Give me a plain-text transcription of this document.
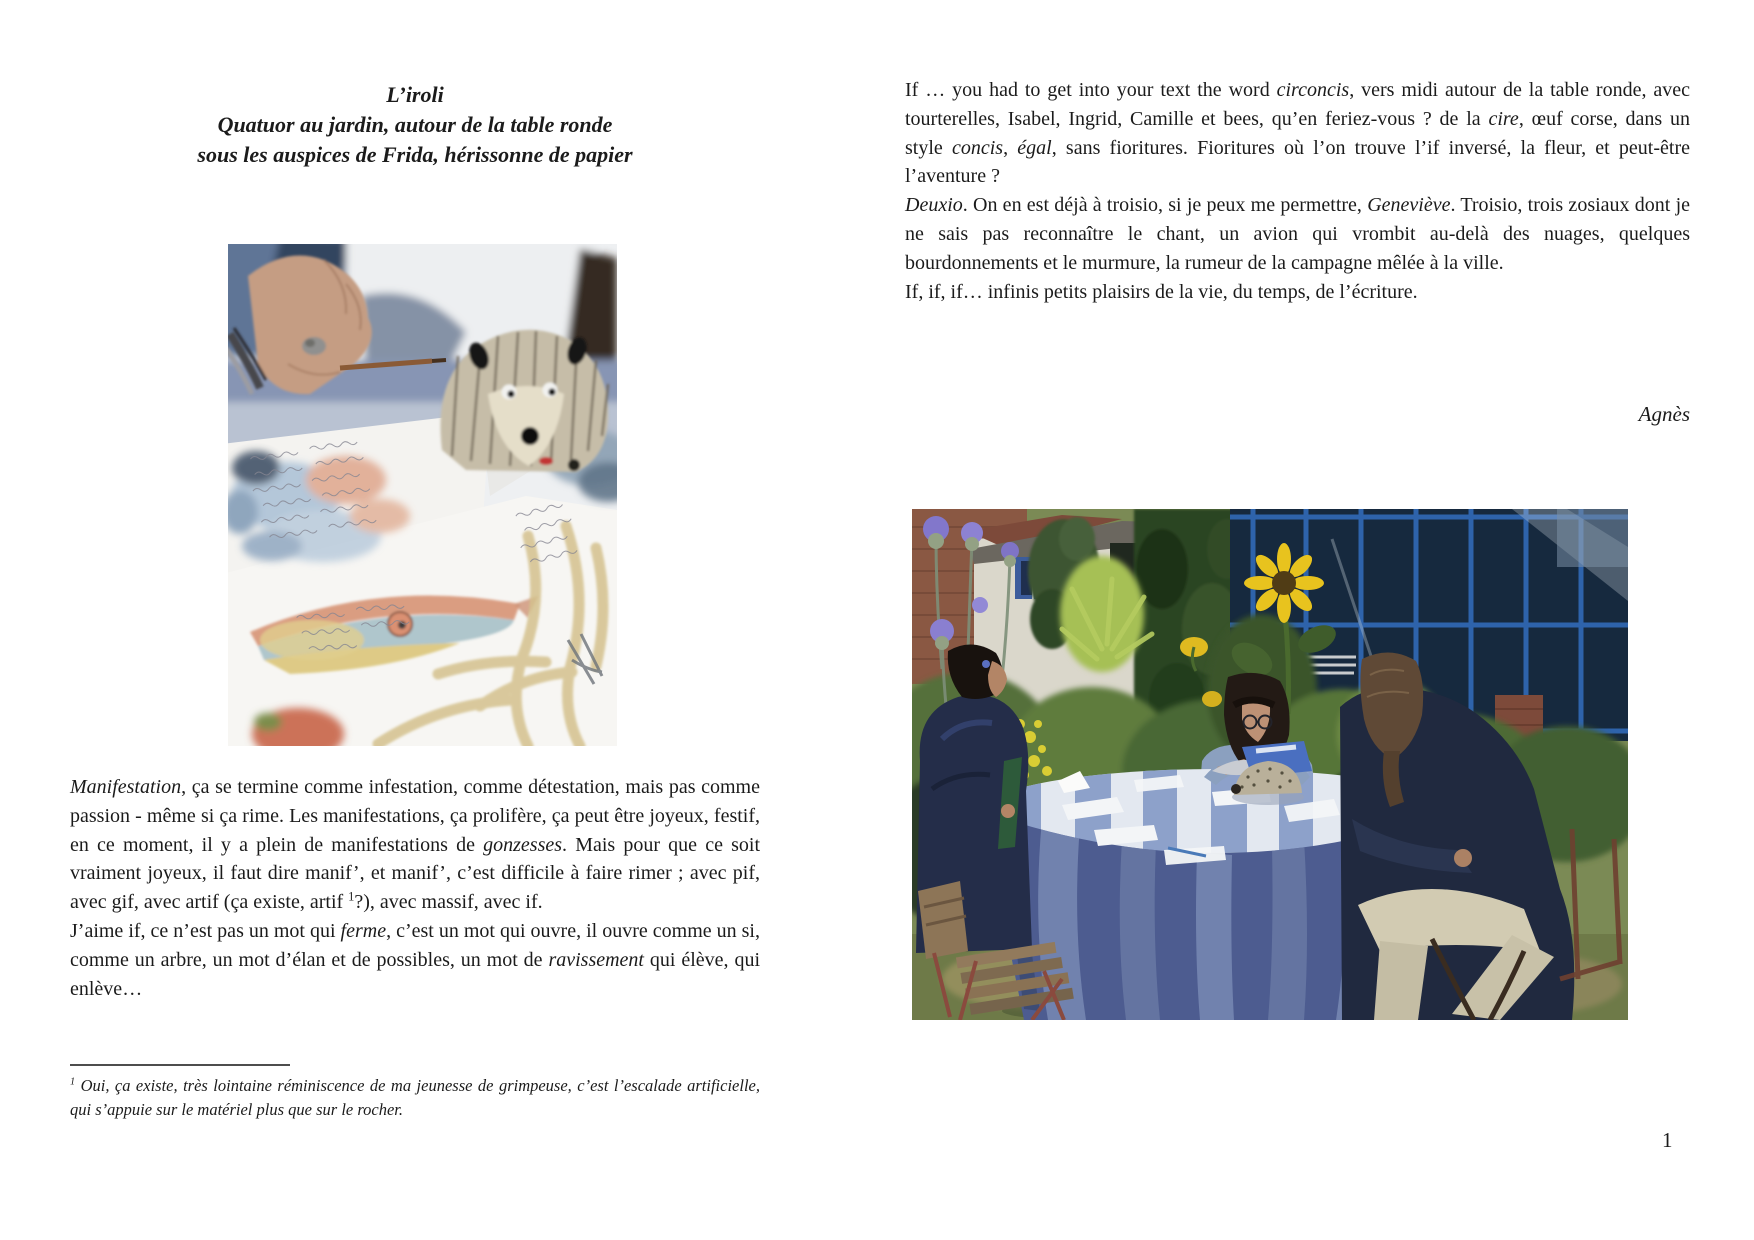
L’iroli
Quatuor au jardin, autour de la table ronde
sous les auspices de Frida, hérissonne de papier

Manifestation, ça se termine comme infestation, comme détestation, mais pas comme passion - même si ça rime. Les manifestations, ça prolifère, ça peut être joyeux, festif, en ce moment, il y a plein de manifestations de gonzesses. Mais pour que ce soit vraiment joyeux, il faut dire manif’, et manif’, c’est difficile à faire rimer ; avec pif, avec gif, avec artif (ça existe, artif $^1$?), avec massif, avec if.

J’aime if, ce n’est pas un mot qui ferme, c’est un mot qui ouvre, il ouvre comme un si, comme un arbre, un mot d’élan et de possibles, un mot de ravissement qui élève, qui enlève…

$^1$ Oui, ça existe, très lointaine réminiscence de ma jeunesse de grimpeuse, c’est l’escalade artificielle, qui s’appuie sur le matériel plus que sur le rocher.

If … you had to get into your text the word circoncis, vers midi autour de la table ronde, avec tourterelles, Isabel, Ingrid, Camille et bees, qu’en feriez-vous ? de la cire, œuf corse, dans un style concis, égal, sans fioritures. Fioritures où l’on trouve l’if inversé, la fleur, et peut-être l’aventure ?

Deuxio. On en est déjà à troisio, si je peux me permettre, Geneviève. Troisio, trois zosiaux dont je ne sais pas reconnaître le chant, un avion qui vrombit au-delà des nuages, quelques bourdonnements et le murmure, la rumeur de la campagne mêlée à la ville.

If, if, if… infinis petits plaisirs de la vie, du temps, de l’écriture.

Agnès
1
